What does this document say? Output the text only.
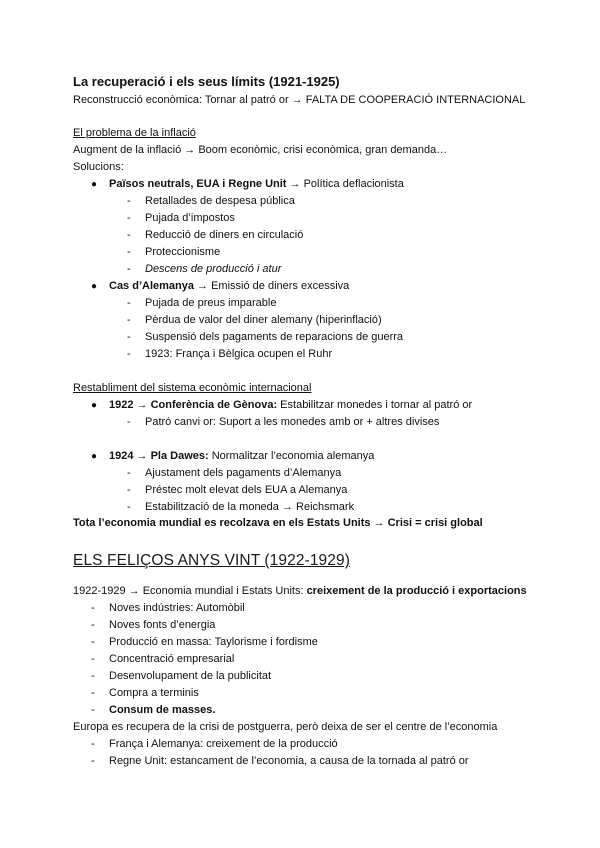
La recuperació i els seus límits (1921-1925)
Reconstrucció econòmica: Tornar al patró or → FALTA DE COOPERACIÓ INTERNACIONAL
El problema de la inflació
Augment de la inflació → Boom econòmic, crisi econòmica, gran demanda…
Solucions:
● Països neutrals, EUA i Regne Unit → Política deflacionista
- Retallades de despesa pública
- Pujada d’impostos
- Reducció de diners en circulació
- Proteccionisme
- Descens de producció i atur
● Cas d’Alemanya → Emissió de diners excessiva
- Pujada de preus imparable
- Pèrdua de valor del diner alemany (hiperinflació)
- Suspensió dels pagaments de reparacions de guerra
- 1923: França i Bèlgica ocupen el Ruhr
Restabliment del sistema econòmic internacional
● 1922 → Conferència de Gènova: Estabilitzar monedes i tornar al patró or
- Patró canvi or: Suport a les monedes amb or + altres divises
● 1924 → Pla Dawes: Normalitzar l’economia alemanya
- Ajustament dels pagaments d’Alemanya
- Préstec molt elevat dels EUA a Alemanya
- Estabilització de la moneda → Reichsmark
Tota l’economia mundial es recolzava en els Estats Units → Crisi = crisi global
ELS FELIÇOS ANYS VINT (1922-1929)
1922-1929 → Economia mundial i Estats Units: creixement de la producció i exportacions
- Noves indústries: Automòbil
- Noves fonts d’energia
- Producció en massa: Taylorisme i fordisme
- Concentració empresarial
- Desenvolupament de la publicitat
- Compra a terminis
- Consum de masses.
Europa es recupera de la crisi de postguerra, però deixa de ser el centre de l’economia
- França i Alemanya: creixement de la producció
- Regne Unit: estancament de l’economia, a causa de la tornada al patró or
